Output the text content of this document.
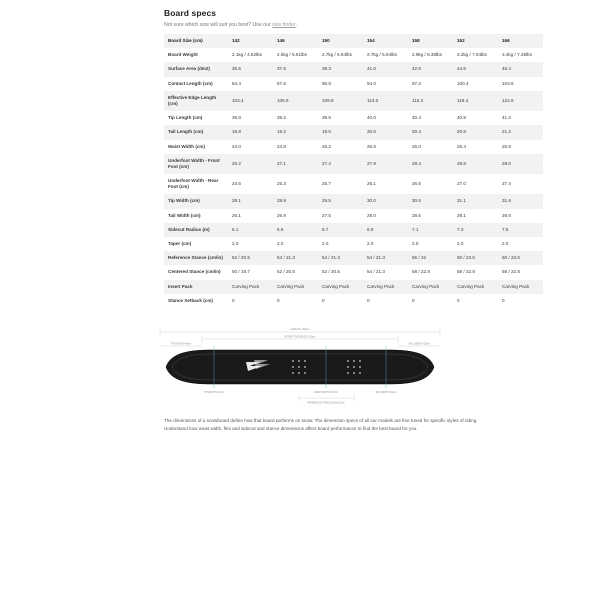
Board specs
Not sure which size will suit you best? Use our size finder.
Board Size (cm)	142	146	150	154	158	162	166
Board Weight	2.1kg / 4.62lbs	2.5kg / 5.51lbs	2.7kg / 5.94lbs	2.7kg / 5.94lbs	2.9kg / 6.38lbs	3.2kg / 7.04lbs	3.4kg / 7.48lbs
Surface Area (dm2)	35.5	37.6	39.3	41.0	42.8	44.6	46.4
Contact Length (cm)	84.4	87.6	90.8	94.0	97.2	100.4	103.6
Effective Edge Length (cm)	103.4	106.6	109.8	113.0	116.2	119.4	122.6
Tip Length (cm)	38.8	39.2	39.6	40.0	40.4	40.8	41.2
Tail Length (cm)	18.8	19.2	19.6	20.0	20.4	20.8	21.2
Waist Width (cm)	24.0	24.8	25.2	25.6	26.0	26.4	26.8
Underfoot Width - Front Foot (cm)	26.2	27.1	27.4	27.9	28.4	28.8	29.0
Underfoot Width - Rear Foot (cm)	24.6	25.3	25.7	26.1	26.6	27.0	27.4
Tip Width (cm)	28.1	28.9	29.5	30.0	30.5	31.1	31.6
Tail Width (cm)	26.1	26.9	27.5	28.0	28.5	29.1	29.6
Sidecut Radius (m)	6.1	6.6	6.7	6.9	7.1	7.3	7.5
Taper (cm)	2.0	2.0	2.0	2.0	2.0	2.0	2.0
Reference Stance (cm/in)	52 / 20.5	54 / 21.3	54 / 21.3	54 / 21.3	56 / 22	60 / 23.6	60 / 23.6
Centered Stance (cm/in)	50 / 19.7	52 / 20.5	52 / 20.5	54 / 21.3	58 / 22.8	58 / 22.8	58 / 22.8
Insert Pack	Carving Pack	Carving Pack	Carving Pack	Carving Pack	Carving Pack	Carving Pack	Carving Pack
Stance Setback (cm)	0	0	0	0	0	0	0
LENGTH 154cm
EFFECTIVE EDGE 113cm
TIP LENGTH 40cm	TAIL LENGTH 20cm
TIP WIDTH 30.0cm	WAIST WIDTH 25.6cm	TAIL WIDTH 28.0cm
REFERENCE STANCE 54cm/21.3in
The dimensions of a snowboard define how that board performs on snow. The dimension specs of all our models are fine tuned for specific styles of riding. Understand how waist width, flex and sidecut and stance dimensions affect board performance to find the best board for you.
